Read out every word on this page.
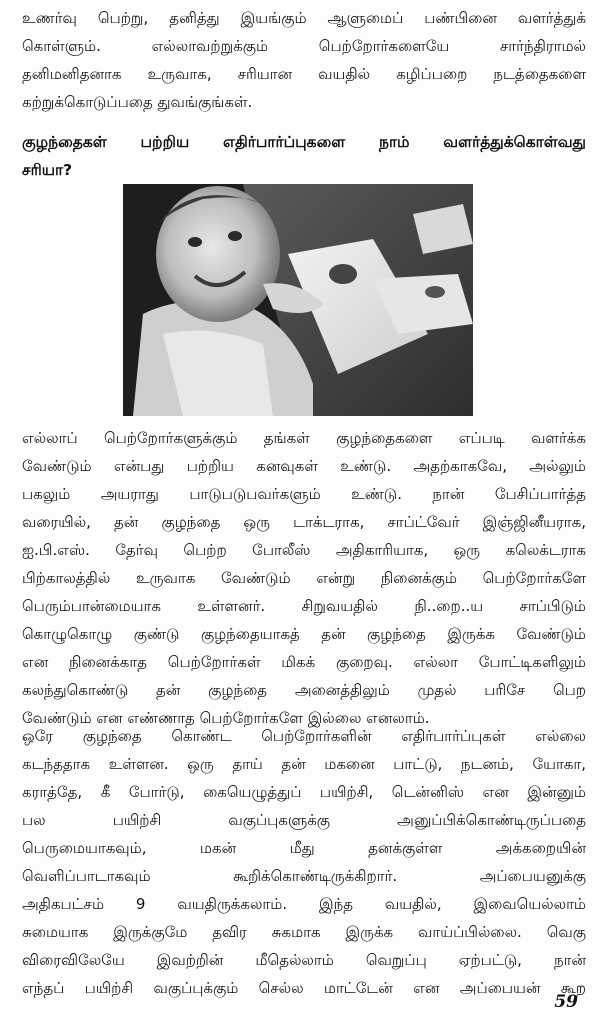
உணர்வு பெற்று, தனித்து இயங்கும் ஆளுமைப் பண்பினை வளர்த்துக்
கொள்ளும். எல்லாவற்றுக்கும் பெற்றோர்களையே சார்ந்திராமல்
தனிமனிதனாக உருவாக, சரியான வயதில் கழிப்பறை நடத்தைகளை
கற்றுக்கொடுப்பதை துவங்குங்கள்.
குழந்தைகள் பற்றிய எதிர்பார்ப்புகளை நாம் வளர்த்துக்கொள்வது
சரியா?
எல்லாப் பெற்றோர்களுக்கும் தங்கள் குழந்தைகளை எப்படி வளர்க்க
வேண்டும் என்பது பற்றிய கனவுகள் உண்டு. அதற்காகவே, அல்லும்
பகலும் அயராது பாடுபடுபவர்களும் உண்டு. நான் பேசிப்பார்த்த
வரையில், தன் குழந்தை ஒரு டாக்டராக, சாப்ட்வேர் இஞ்ஜினீயராக,
ஐ.பி.எஸ். தேர்வு பெற்ற போலீஸ் அதிகாரியாக, ஒரு கலெக்டராக
பிற்காலத்தில் உருவாக வேண்டும் என்று நினைக்கும் பெற்றோர்களே
பெரும்பான்மையாக உள்ளனர். சிறுவயதில் நி..றை..ய சாப்பிடும்
கொழுகொழு குண்டு குழந்தையாகத் தன் குழந்தை இருக்க வேண்டும்
என நினைக்காத பெற்றோர்கள் மிகக் குறைவு. எல்லா போட்டிகளிலும்
கலந்துகொண்டு தன் குழந்தை அனைத்திலும் முதல் பரிசே பெற
வேண்டும் என எண்ணாத பெற்றோர்களே இல்லை எனலாம்.
ஒரே குழந்தை கொண்ட பெற்றோர்களின் எதிர்பார்ப்புகள் எல்லை
கடந்ததாக உள்ளன. ஒரு தாய் தன் மகனை பாட்டு, நடனம், யோகா,
கராத்தே, கீ போர்டு, கையெழுத்துப் பயிற்சி, டென்னிஸ் என இன்னும்
பல பயிற்சி வகுப்புகளுக்கு அனுப்பிக்கொண்டிருப்பதை
பெருமையாகவும், மகன் மீது தனக்குள்ள அக்கறையின்
வெளிப்பாடாகவும் கூறிக்கொண்டிருக்கிறார். அப்பையனுக்கு
அதிகபட்சம் 9 வயதிருக்கலாம். இந்த வயதில், இவையெல்லாம்
சுமையாக இருக்குமே தவிர சுகமாக இருக்க வாய்ப்பில்லை. வெகு
விரைவிலேயே இவற்றின் மீதெல்லாம் வெறுப்பு ஏற்பட்டு, நான்
எந்தப் பயிற்சி வகுப்புக்கும் செல்ல மாட்டேன் என அப்பையன் கூற
59
